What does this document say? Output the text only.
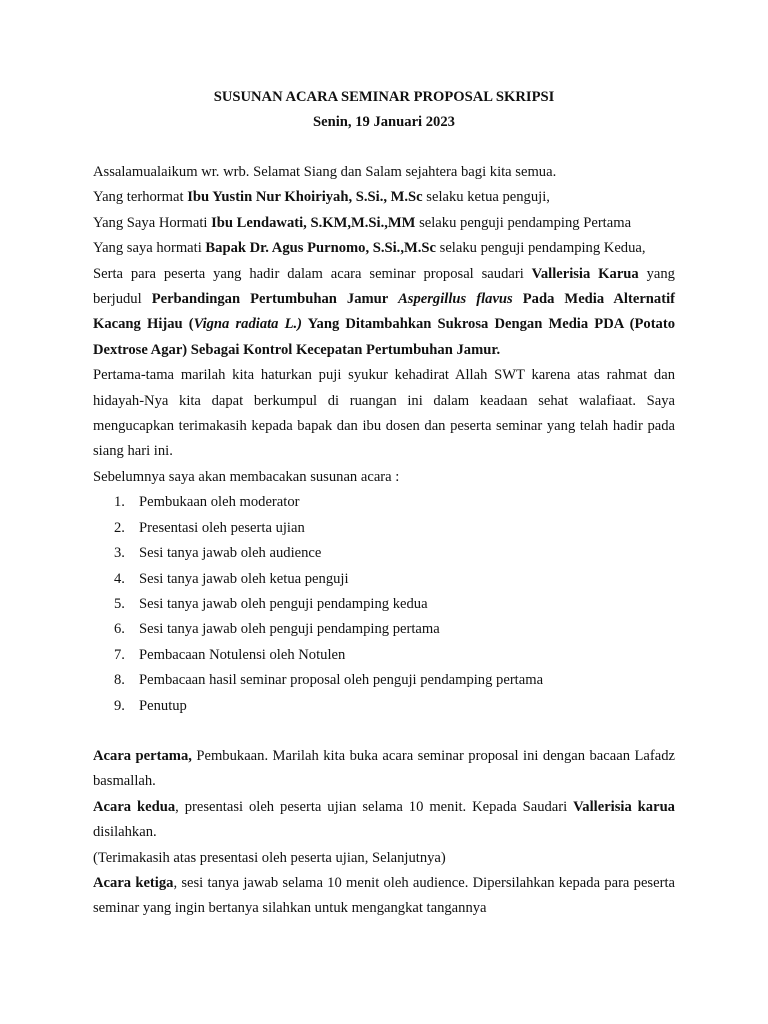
SUSUNAN ACARA SEMINAR PROPOSAL SKRIPSI
Senin, 19 Januari 2023

Assalamualaikum wr. wrb. Selamat Siang dan Salam sejahtera bagi kita semua.

Yang terhormat Ibu Yustin Nur Khoiriyah, S.Si., M.Sc selaku ketua penguji,

Yang Saya Hormati Ibu Lendawati, S.KM,M.Si.,MM selaku penguji pendamping Pertama

Yang saya hormati Bapak Dr. Agus Purnomo, S.Si.,M.Sc selaku penguji pendamping Kedua,

Serta para peserta yang hadir dalam acara seminar proposal saudari Vallerisia Karua yang berjudul Perbandingan Pertumbuhan Jamur Aspergillus flavus Pada Media Alternatif Kacang Hijau (Vigna radiata L.) Yang Ditambahkan Sukrosa Dengan Media PDA (Potato Dextrose Agar) Sebagai Kontrol Kecepatan Pertumbuhan Jamur.

Pertama-tama marilah kita haturkan puji syukur kehadirat Allah SWT karena atas rahmat dan hidayah-Nya kita dapat berkumpul di ruangan ini dalam keadaan sehat walafiaat. Saya mengucapkan terimakasih kepada bapak dan ibu dosen dan peserta seminar yang telah hadir pada siang hari ini.

Sebelumnya saya akan membacakan susunan acara :

1. Pembukaan oleh moderator
2. Presentasi oleh peserta ujian
3. Sesi tanya jawab oleh audience
4. Sesi tanya jawab oleh ketua penguji
5. Sesi tanya jawab oleh penguji pendamping kedua
6. Sesi tanya jawab oleh penguji pendamping pertama
7. Pembacaan Notulensi oleh Notulen
8. Pembacaan hasil seminar proposal oleh penguji pendamping pertama
9. Penutup

Acara pertama, Pembukaan. Marilah kita buka acara seminar proposal ini dengan bacaan Lafadz basmallah.

Acara kedua, presentasi oleh peserta ujian selama 10 menit. Kepada Saudari Vallerisia karua disilahkan.

(Terimakasih atas presentasi oleh peserta ujian, Selanjutnya)

Acara ketiga, sesi tanya jawab selama 10 menit oleh audience. Dipersilahkan kepada para peserta seminar yang ingin bertanya silahkan untuk mengangkat tangannya
